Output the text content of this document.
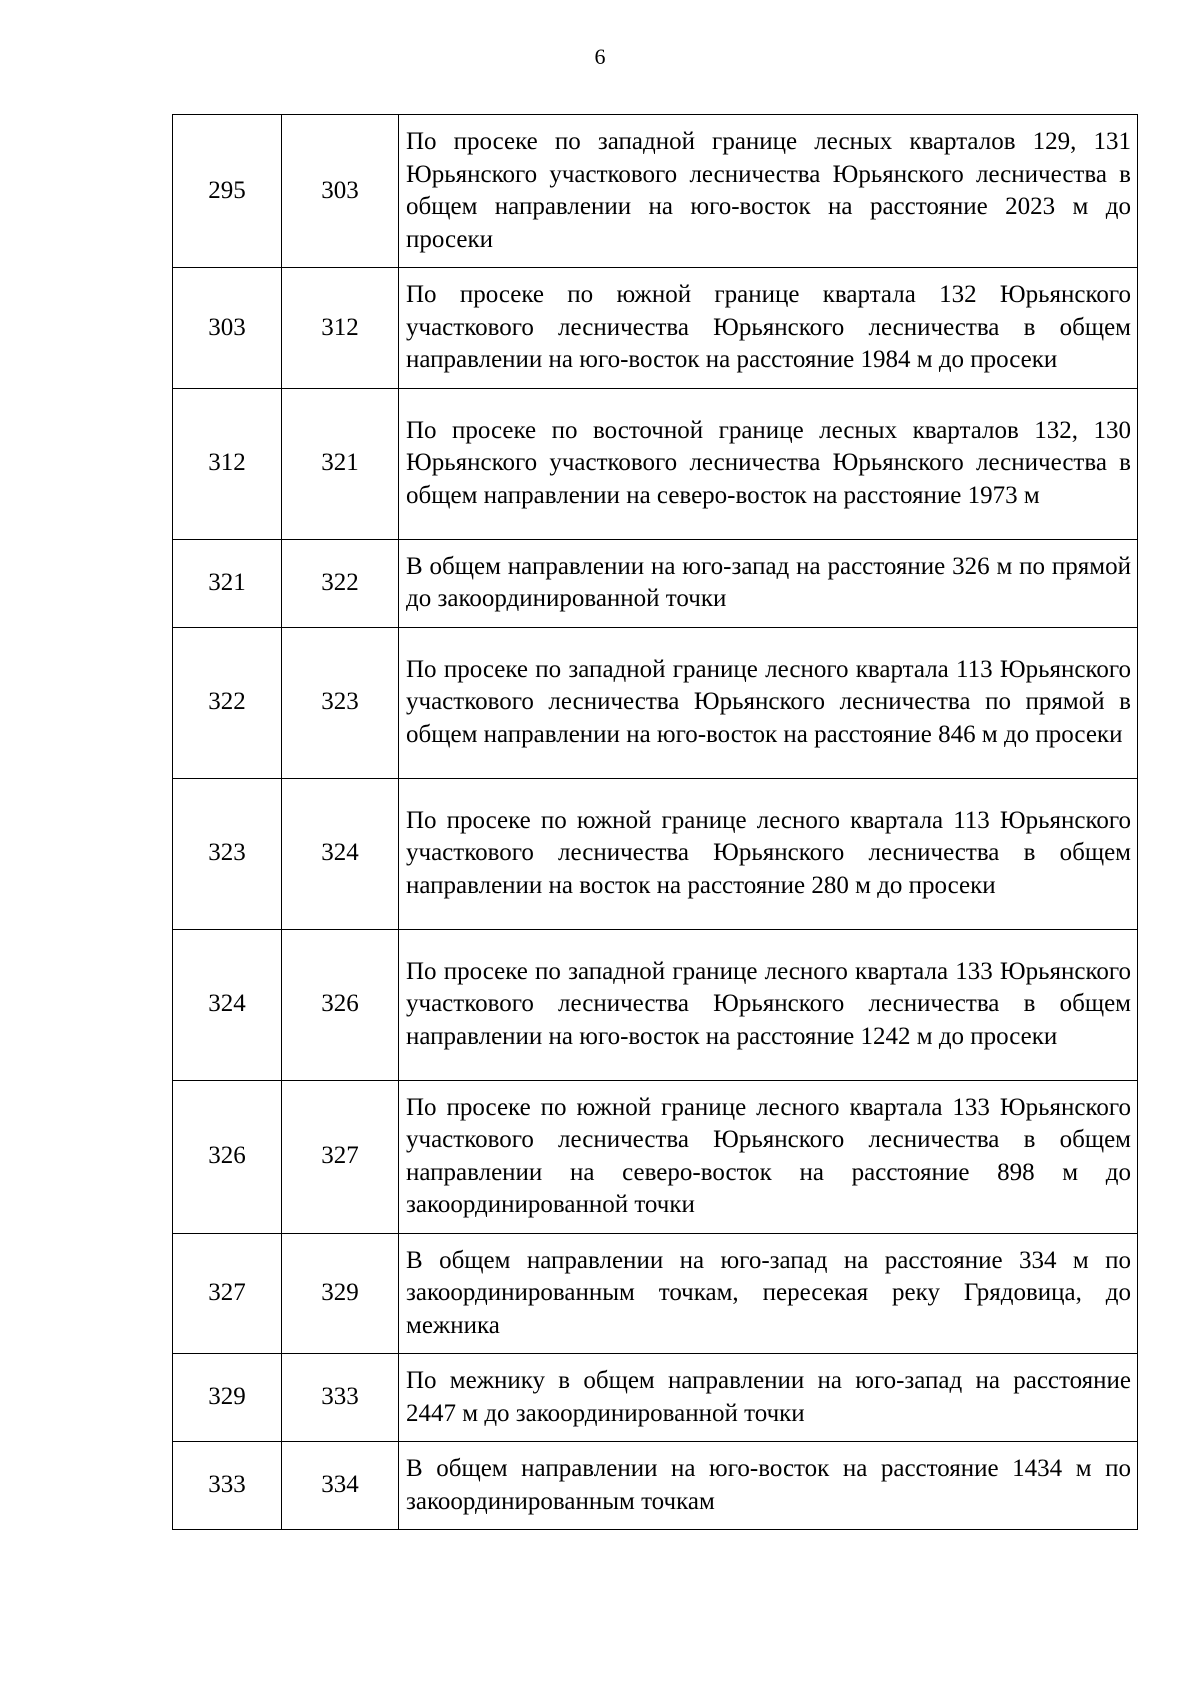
6
295	303	По просеке по западной границе лесных кварталов 129, 131 Юрьянского участкового лесничества Юрьянского лесничества в общем направлении на юго-восток на расстояние 2023 м до просеки
303	312	По просеке по южной границе квартала 132 Юрьянского участкового лесничества Юрьянского лесничества в общем направлении на юго-восток на расстояние 1984 м до просеки
312	321	По просеке по восточной границе лесных кварталов 132, 130 Юрьянского участкового лесничества Юрьянского лесничества в общем направлении на северо-восток на расстояние 1973 м
321	322	В общем направлении на юго-запад на расстояние 326 м по прямой до закоординированной точки
322	323	По просеке по западной границе лесного квартала 113 Юрьянского участкового лесничества Юрьянского лесничества по прямой в общем направлении на юго-восток на расстояние 846 м до просеки
323	324	По просеке по южной границе лесного квартала 113 Юрьянского участкового лесничества Юрьянского лесничества в общем направлении на восток на расстояние 280 м до просеки
324	326	По просеке по западной границе лесного квартала 133 Юрьянского участкового лесничества Юрьянского лесничества в общем направлении на юго-восток на расстояние 1242 м до просеки
326	327	По просеке по южной границе лесного квартала 133 Юрьянского участкового лесничества Юрьянского лесничества в общем направлении на северо-восток на расстояние 898 м до закоординированной точки
327	329	В общем направлении на юго-запад на расстояние 334 м по закоординированным точкам, пересекая реку Грядовица, до межника
329	333	По межнику в общем направлении на юго-запад на расстояние 2447 м до закоординированной точки
333	334	В общем направлении на юго-восток на расстояние 1434 м по закоординированным точкам
